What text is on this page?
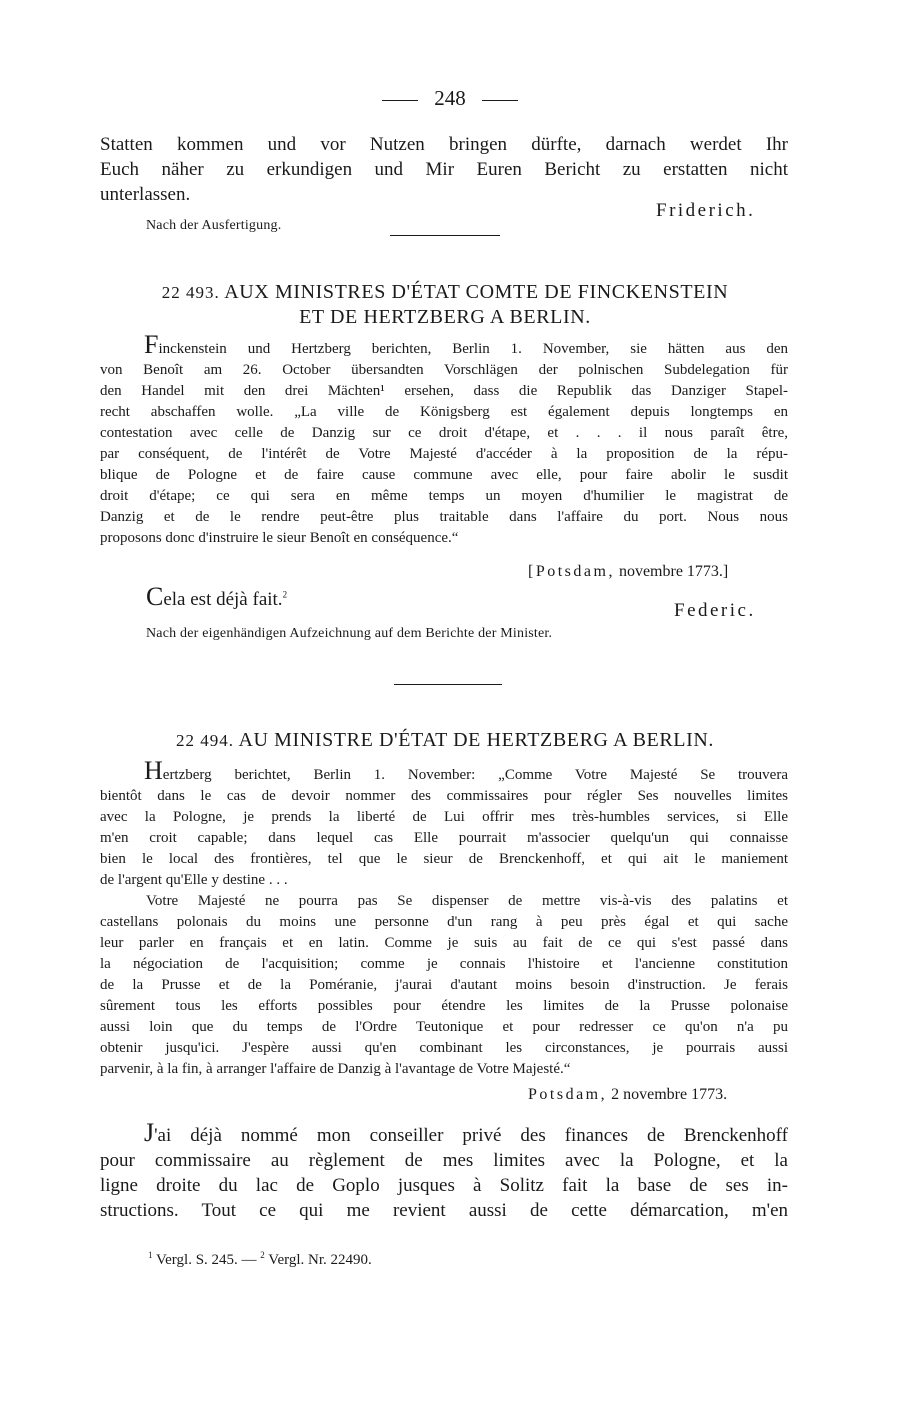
248
Statten kommen und vor Nutzen bringen dürfte, darnach werdet Ihr
Euch näher zu erkundigen und Mir Euren Bericht zu erstatten nicht
unterlassen.
Friderich.
Nach der Ausfertigung.
22 493. AUX MINISTRES D'ÉTAT COMTE DE FINCKENSTEIN
ET DE HERTZBERG A BERLIN.
Finckenstein und Hertzberg berichten, Berlin 1. November, sie hätten aus den
von Benoît am 26. October übersandten Vorschlägen der polnischen Subdelegation für
den Handel mit den drei Mächten¹ ersehen, dass die Republik das Danziger Stapel-
recht abschaffen wolle. „La ville de Königsberg est également depuis longtemps en
contestation avec celle de Danzig sur ce droit d'étape, et . . . il nous paraît être,
par conséquent, de l'intérêt de Votre Majesté d'accéder à la proposition de la répu-
blique de Pologne et de faire cause commune avec elle, pour faire abolir le susdit
droit d'étape; ce qui sera en même temps un moyen d'humilier le magistrat de
Danzig et de le rendre peut-être plus traitable dans l'affaire du port. Nous nous
proposons donc d'instruire le sieur Benoît en conséquence.“
[Potsdam, novembre 1773.]
Cela est déjà fait.$^2$
Federic.
Nach der eigenhändigen Aufzeichnung auf dem Berichte der Minister.
22 494. AU MINISTRE D'ÉTAT DE HERTZBERG A BERLIN.
Hertzberg berichtet, Berlin 1. November: „Comme Votre Majesté Se trouvera
bientôt dans le cas de devoir nommer des commissaires pour régler Ses nouvelles limites
avec la Pologne, je prends la liberté de Lui offrir mes très-humbles services, si Elle
m'en croit capable; dans lequel cas Elle pourrait m'associer quelqu'un qui connaisse
bien le local des frontières, tel que le sieur de Brenckenhoff, et qui ait le maniement
de l'argent qu'Elle y destine . . .
Votre Majesté ne pourra pas Se dispenser de mettre vis-à-vis des palatins et
castellans polonais du moins une personne d'un rang à peu près égal et qui sache
leur parler en français et en latin. Comme je suis au fait de ce qui s'est passé dans
la négociation de l'acquisition; comme je connais l'histoire et l'ancienne constitution
de la Prusse et de la Poméranie, j'aurai d'autant moins besoin d'instruction. Je ferais
sûrement tous les efforts possibles pour étendre les limites de la Prusse polonaise
aussi loin que du temps de l'Ordre Teutonique et pour redresser ce qu'on n'a pu
obtenir jusqu'ici. J'espère aussi qu'en combinant les circonstances, je pourrais aussi
parvenir, à la fin, à arranger l'affaire de Danzig à l'avantage de Votre Majesté.“
Potsdam, 2 novembre 1773.
J'ai déjà nommé mon conseiller privé des finances de Brenckenhoff
pour commissaire au règlement de mes limites avec la Pologne, et la
ligne droite du lac de Goplo jusques à Solitz fait la base de ses in-
structions. Tout ce qui me revient aussi de cette démarcation, m'en
$^1$ Vergl. S. 245. — $^2$ Vergl. Nr. 22490.
